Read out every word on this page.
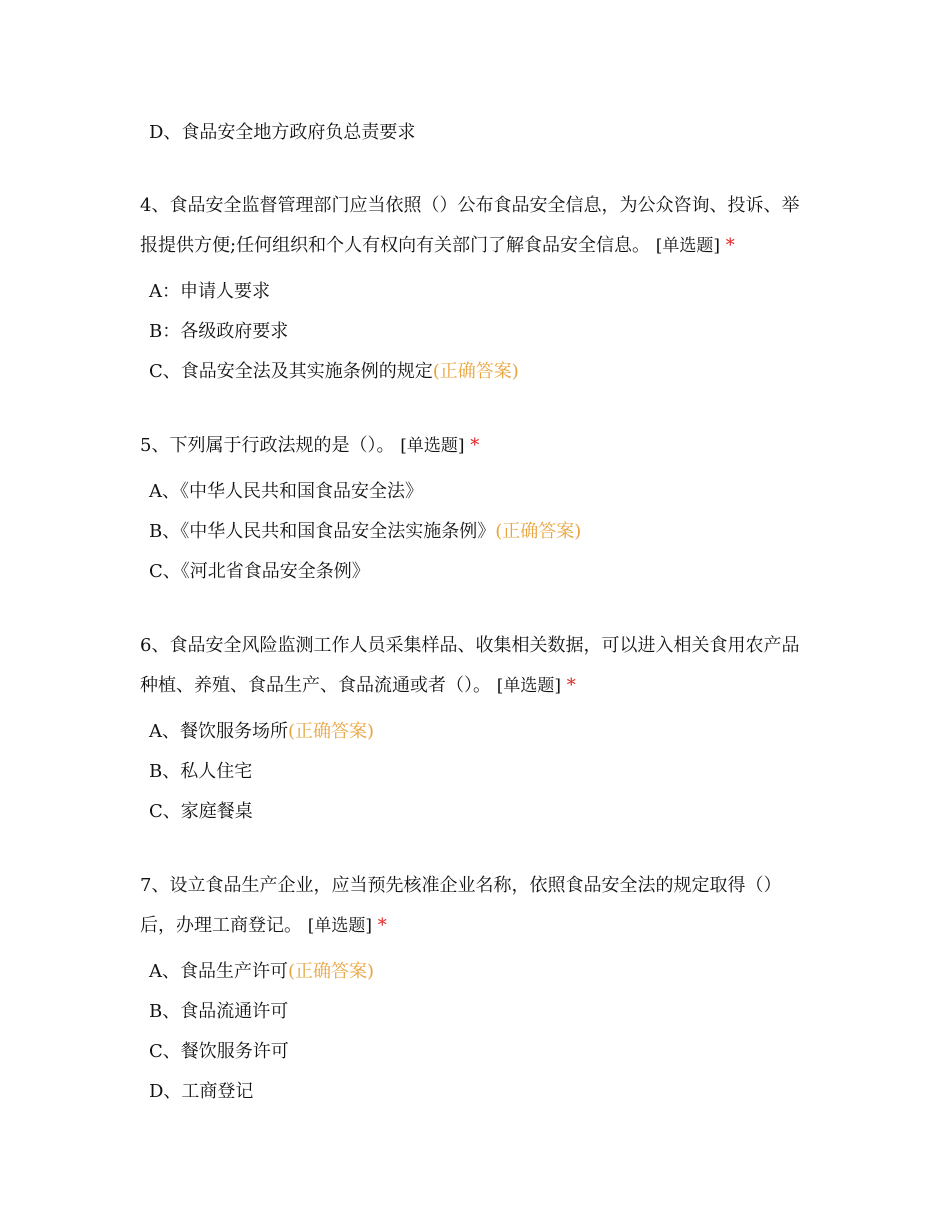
D、食品安全地方政府负总责要求

4、食品安全监督管理部门应当依照（）公布食品安全信息，为公众咨询、投诉、举报提供方便;任何组织和个人有权向有关部门了解食品安全信息。 [单选题] *

A：申请人要求

B：各级政府要求

C、食品安全法及其实施条例的规定(正确答案)

5、下列属于行政法规的是（）。 [单选题] *

A、《中华人民共和国食品安全法》

B、《中华人民共和国食品安全法实施条例》(正确答案)

C、《河北省食品安全条例》

6、食品安全风险监测工作人员采集样品、收集相关数据，可以进入相关食用农产品种植、养殖、食品生产、食品流通或者（）。 [单选题] *

A、餐饮服务场所(正确答案)

B、私人住宅

C、家庭餐桌

7、设立食品生产企业，应当预先核准企业名称，依照食品安全法的规定取得（）后，办理工商登记。 [单选题] *

A、食品生产许可(正确答案)

B、食品流通许可

C、餐饮服务许可

D、工商登记
